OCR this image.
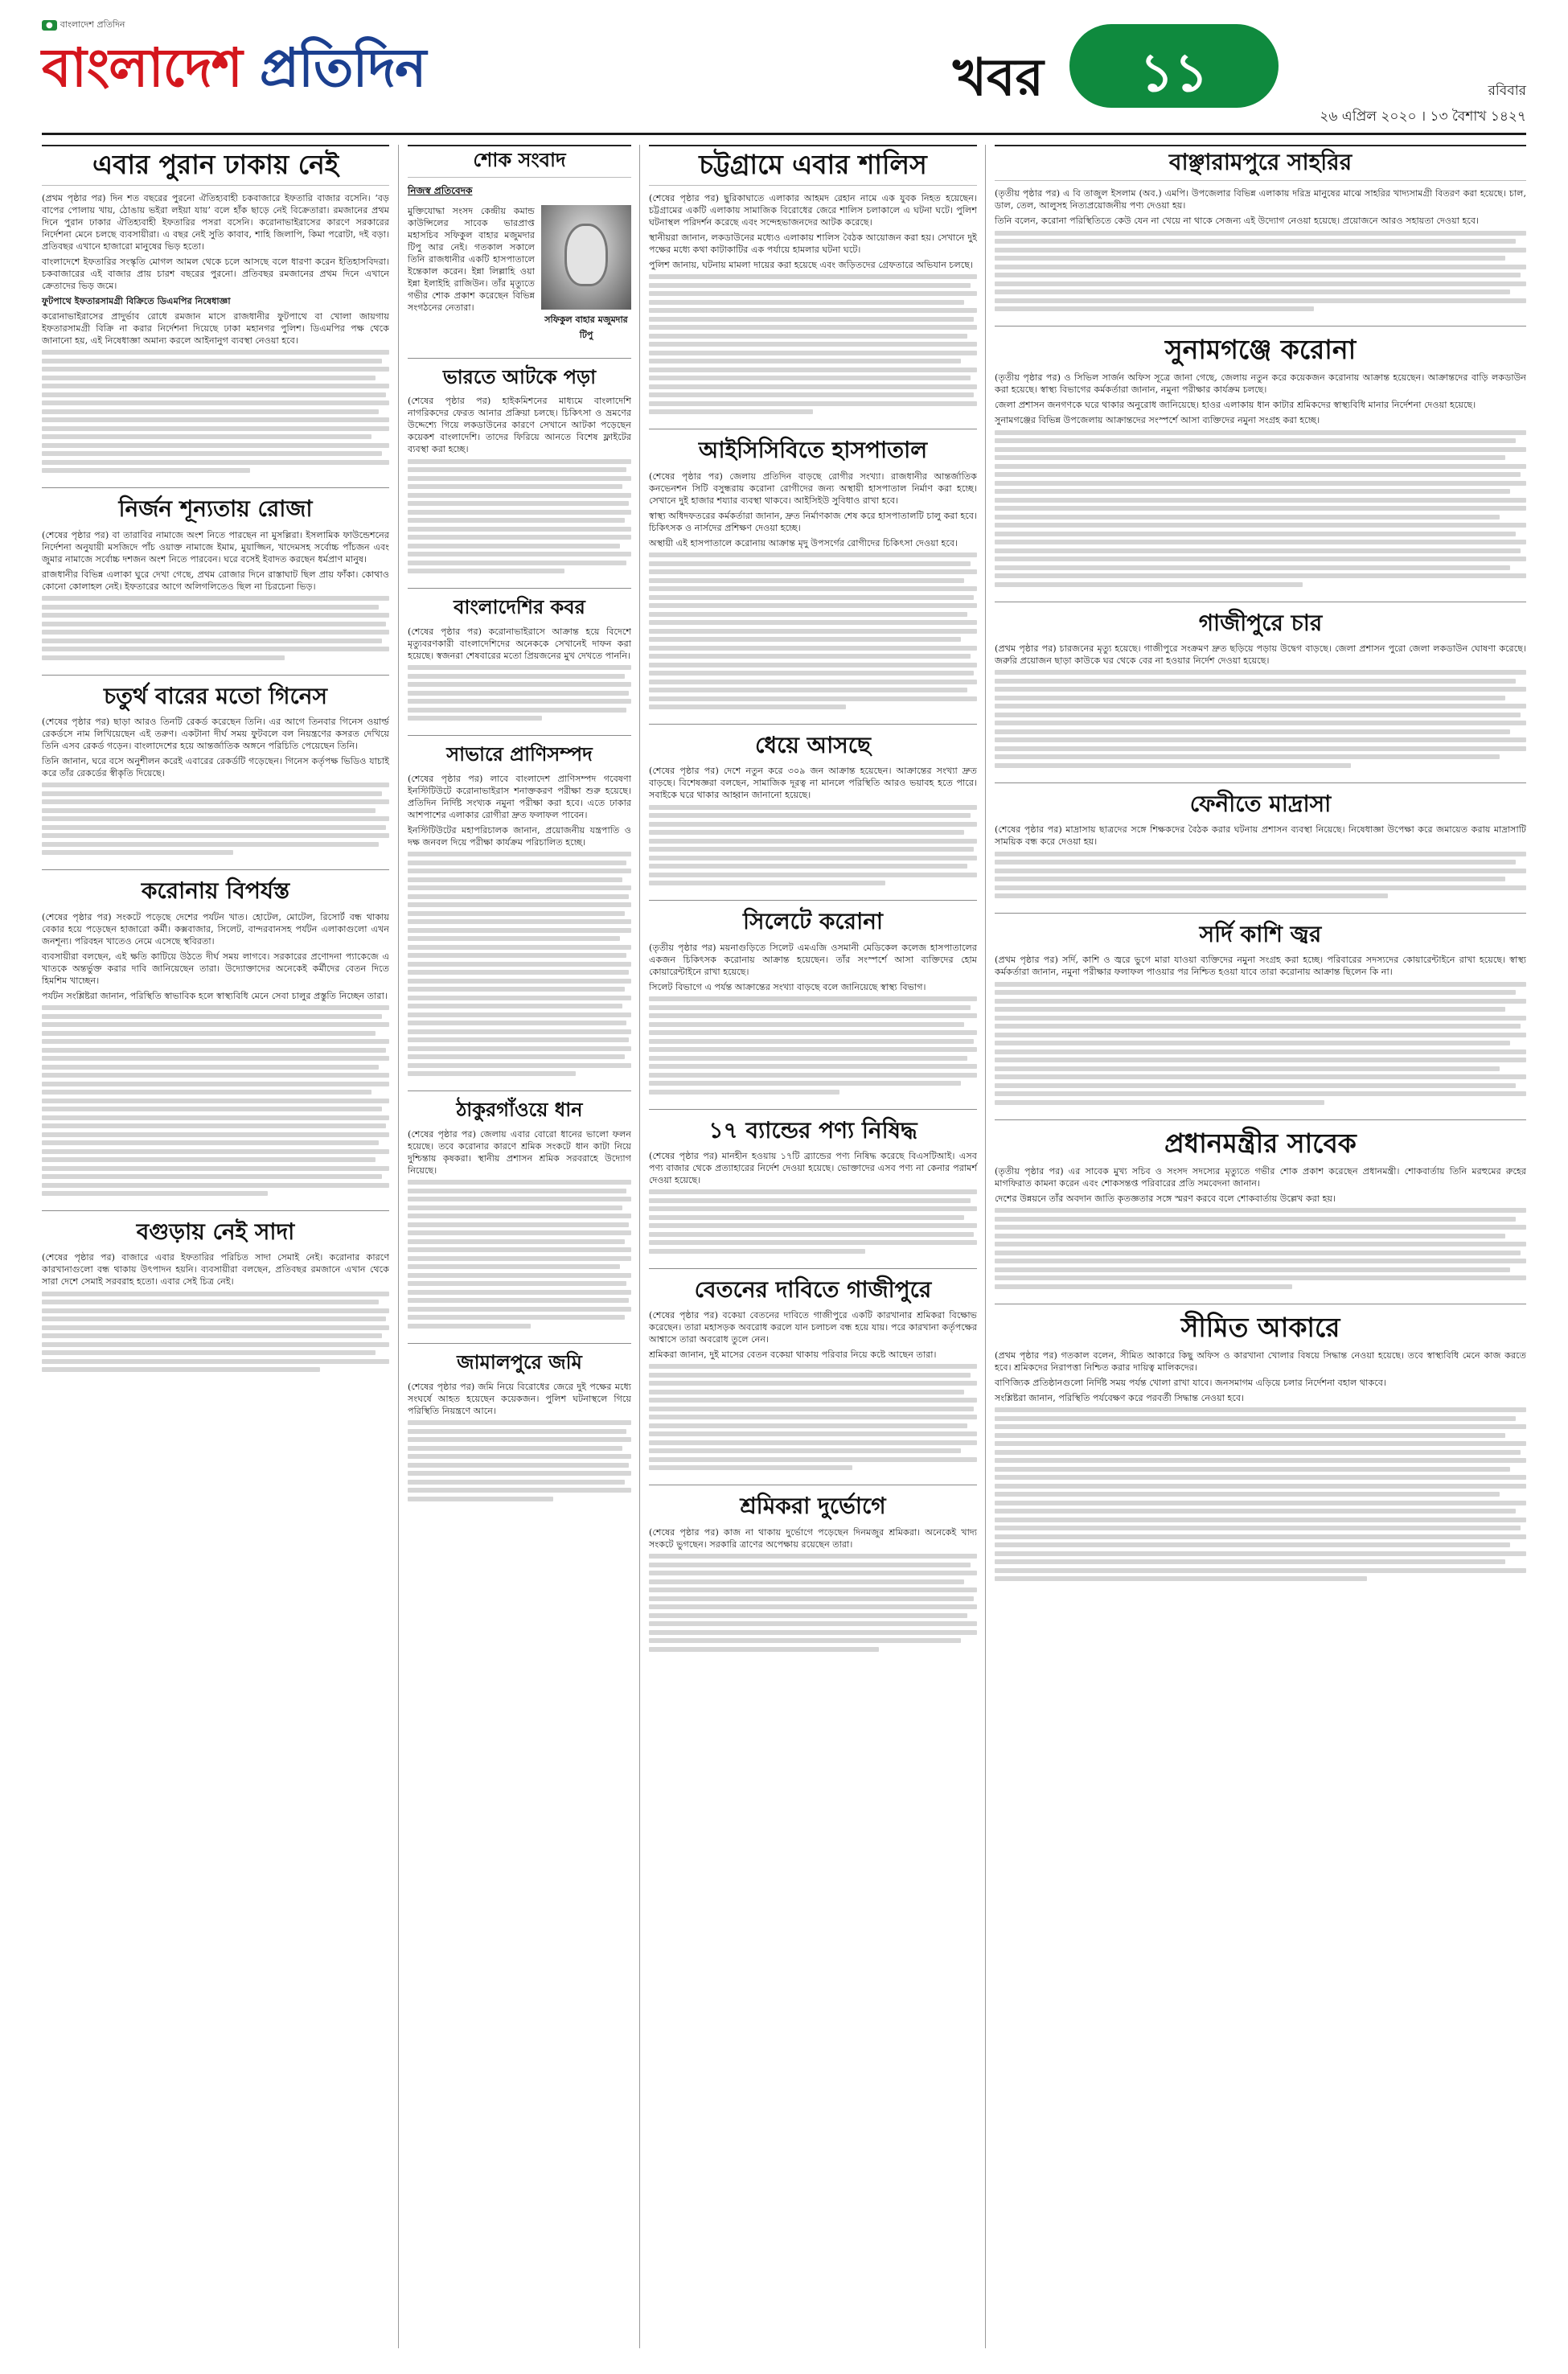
● বাংলাদেশ প্রতিদিন
বাংলাদেশ প্রতিদিন	খবর	১১	রবিবার
২৬ এপ্রিল ২০২০ । ১৩ বৈশাখ ১৪২৭
এবার পুরান ঢাকায় নেই

(প্রথম পৃষ্ঠার পর) দিন শত বছরের পুরনো ঐতিহ্যবাহী চকবাজারে ইফতারি বাজার বসেনি। ‘বড় বাপের পোলায় খায়, ঠোঙায় ভইরা লইয়া যায়’ বলে হাঁক ছাড়ে নেই বিক্রেতারা। রমজানের প্রথম দিনে পুরান ঢাকার ঐতিহ্যবাহী ইফতারির পসরা বসেনি। করোনাভাইরাসের কারণে সরকারের নির্দেশনা মেনে চলছে ব্যবসায়ীরা। এ বছর নেই সুতি কাবাব, শাহি জিলাপি, কিমা পরোটা, দই বড়া। প্রতিবছর এখানে হাজারো মানুষের ভিড় হতো।

বাংলাদেশে ইফতারির সংস্কৃতি মোগল আমল থেকে চলে আসছে বলে ধারণা করেন ইতিহাসবিদরা। চকবাজারের এই বাজার প্রায় চারশ বছরের পুরনো। প্রতিবছর রমজানের প্রথম দিনে এখানে ক্রেতাদের ভিড় জমে।

ফুটপাথে ইফতারসামগ্রী বিক্রিতে ডিএমপির নিষেধাজ্ঞা

করোনাভাইরাসের প্রাদুর্ভাব রোধে রমজান মাসে রাজধানীর ফুটপাথে বা খোলা জায়গায় ইফতারসামগ্রী বিক্রি না করার নির্দেশনা দিয়েছে ঢাকা মহানগর পুলিশ। ডিএমপির পক্ষ থেকে জানানো হয়, এই নিষেধাজ্ঞা অমান্য করলে আইনানুগ ব্যবস্থা নেওয়া হবে।

নির্জন শূন্যতায় রোজা

(শেষের পৃষ্ঠার পর) বা তারাবির নামাজে অংশ নিতে পারছেন না মুসল্লিরা। ইসলামিক ফাউন্ডেশনের নির্দেশনা অনুযায়ী মসজিদে পাঁচ ওয়াক্ত নামাজে ইমাম, মুয়াজ্জিন, খাদেমসহ সর্বোচ্চ পাঁচজন এবং জুমার নামাজে সর্বোচ্চ দশজন অংশ নিতে পারবেন। ঘরে বসেই ইবাদত করছেন ধর্মপ্রাণ মানুষ।

রাজধানীর বিভিন্ন এলাকা ঘুরে দেখা গেছে, প্রথম রোজার দিনে রাস্তাঘাট ছিল প্রায় ফাঁকা। কোথাও কোনো কোলাহল নেই। ইফতারের আগে অলিগলিতেও ছিল না চিরচেনা ভিড়।

চতুর্থ বারের মতো গিনেস

(শেষের পৃষ্ঠার পর) ছাড়া আরও তিনটি রেকর্ড করেছেন তিনি। এর আগে তিনবার গিনেস ওয়ার্ল্ড রেকর্ডসে নাম লিখিয়েছেন এই তরুণ। একটানা দীর্ঘ সময় ফুটবলে বল নিয়ন্ত্রণের কসরত দেখিয়ে তিনি এসব রেকর্ড গড়েন। বাংলাদেশের হয়ে আন্তর্জাতিক অঙ্গনে পরিচিতি পেয়েছেন তিনি।

তিনি জানান, ঘরে বসে অনুশীলন করেই এবারের রেকর্ডটি গড়েছেন। গিনেস কর্তৃপক্ষ ভিডিও যাচাই করে তাঁর রেকর্ডের স্বীকৃতি দিয়েছে।

করোনায় বিপর্যস্ত

(শেষের পৃষ্ঠার পর) সংকটে পড়েছে দেশের পর্যটন খাত। হোটেল, মোটেল, রিসোর্ট বন্ধ থাকায় বেকার হয়ে পড়েছেন হাজারো কর্মী। কক্সবাজার, সিলেট, বান্দরবানসহ পর্যটন এলাকাগুলো এখন জনশূন্য। পরিবহন খাতেও নেমে এসেছে স্থবিরতা।

ব্যবসায়ীরা বলছেন, এই ক্ষতি কাটিয়ে উঠতে দীর্ঘ সময় লাগবে। সরকারের প্রণোদনা প্যাকেজে এ খাতকে অন্তর্ভুক্ত করার দাবি জানিয়েছেন তারা। উদ্যোক্তাদের অনেকেই কর্মীদের বেতন দিতে হিমশিম খাচ্ছেন।

পর্যটন সংশ্লিষ্টরা জানান, পরিস্থিতি স্বাভাবিক হলে স্বাস্থ্যবিধি মেনে সেবা চালুর প্রস্তুতি নিচ্ছেন তারা।

বগুড়ায় নেই সাদা

(শেষের পৃষ্ঠার পর) বাজারে এবার ইফতারির পরিচিত সাদা সেমাই নেই। করোনার কারণে কারখানাগুলো বন্ধ থাকায় উৎপাদন হয়নি। ব্যবসায়ীরা বলছেন, প্রতিবছর রমজানে এখান থেকে সারা দেশে সেমাই সরবরাহ হতো। এবার সেই চিত্র নেই।

শোক সংবাদ
নিজস্ব প্রতিবেদক

মুক্তিযোদ্ধা সংসদ কেন্দ্রীয় কমান্ড কাউন্সিলের সাবেক ভারপ্রাপ্ত মহাসচিব সফিকুল বাহার মজুমদার টিপু আর নেই। গতকাল সকালে তিনি রাজধানীর একটি হাসপাতালে ইন্তেকাল করেন। ইন্না লিল্লাহি ওয়া ইন্না ইলাইহি রাজিউন। তাঁর মৃত্যুতে গভীর শোক প্রকাশ করেছেন বিভিন্ন সংগঠনের নেতারা।

সফিকুল বাহার মজুমদার টিপু
ভারতে আটকে পড়া

(শেষের পৃষ্ঠার পর) হাইকমিশনের মাধ্যমে বাংলাদেশি নাগরিকদের ফেরত আনার প্রক্রিয়া চলছে। চিকিৎসা ও ভ্রমণের উদ্দেশ্যে গিয়ে লকডাউনের কারণে সেখানে আটকা পড়েছেন কয়েকশ বাংলাদেশি। তাদের ফিরিয়ে আনতে বিশেষ ফ্লাইটের ব্যবস্থা করা হচ্ছে।

বাংলাদেশির কবর

(শেষের পৃষ্ঠার পর) করোনাভাইরাসে আক্রান্ত হয়ে বিদেশে মৃত্যুবরণকারী বাংলাদেশিদের অনেককে সেখানেই দাফন করা হয়েছে। স্বজনরা শেষবারের মতো প্রিয়জনের মুখ দেখতে পাননি।

সাভারে প্রাণিসম্পদ

(শেষের পৃষ্ঠার পর) লাবে বাংলাদেশ প্রাণিসম্পদ গবেষণা ইনস্টিটিউটে করোনাভাইরাস শনাক্তকরণ পরীক্ষা শুরু হয়েছে। প্রতিদিন নির্দিষ্ট সংখ্যক নমুনা পরীক্ষা করা হবে। এতে ঢাকার আশপাশের এলাকার রোগীরা দ্রুত ফলাফল পাবেন।

ইনস্টিটিউটের মহাপরিচালক জানান, প্রয়োজনীয় যন্ত্রপাতি ও দক্ষ জনবল দিয়ে পরীক্ষা কার্যক্রম পরিচালিত হচ্ছে।

ঠাকুরগাঁওয়ে ধান

(শেষের পৃষ্ঠার পর) জেলায় এবার বোরো ধানের ভালো ফলন হয়েছে। তবে করোনার কারণে শ্রমিক সংকটে ধান কাটা নিয়ে দুশ্চিন্তায় কৃষকরা। স্থানীয় প্রশাসন শ্রমিক সরবরাহে উদ্যোগ নিয়েছে।

জামালপুরে জমি

(শেষের পৃষ্ঠার পর) জমি নিয়ে বিরোধের জেরে দুই পক্ষের মধ্যে সংঘর্ষে আহত হয়েছেন কয়েকজন। পুলিশ ঘটনাস্থলে গিয়ে পরিস্থিতি নিয়ন্ত্রণে আনে।

চট্টগ্রামে এবার শালিস

(শেষের পৃষ্ঠার পর) ছুরিকাঘাতে এলাকার আহমদ রেহান নামে এক যুবক নিহত হয়েছেন। চট্টগ্রামের একটি এলাকায় সামাজিক বিরোধের জেরে শালিস চলাকালে এ ঘটনা ঘটে। পুলিশ ঘটনাস্থল পরিদর্শন করেছে এবং সন্দেহভাজনদের আটক করেছে।

স্থানীয়রা জানান, লকডাউনের মধ্যেও এলাকায় শালিস বৈঠক আয়োজন করা হয়। সেখানে দুই পক্ষের মধ্যে কথা কাটাকাটির এক পর্যায়ে হামলার ঘটনা ঘটে।

পুলিশ জানায়, ঘটনায় মামলা দায়ের করা হয়েছে এবং জড়িতদের গ্রেফতারে অভিযান চলছে।

আইসিসিবিতে হাসপাতাল

(শেষের পৃষ্ঠার পর) জেলায় প্রতিদিন বাড়ছে রোগীর সংখ্যা। রাজধানীর আন্তর্জাতিক কনভেনশন সিটি বসুন্ধরায় করোনা রোগীদের জন্য অস্থায়ী হাসপাতাল নির্মাণ করা হচ্ছে। সেখানে দুই হাজার শয্যার ব্যবস্থা থাকবে। আইসিইউ সুবিধাও রাখা হবে।

স্বাস্থ্য অধিদফতরের কর্মকর্তারা জানান, দ্রুত নির্মাণকাজ শেষ করে হাসপাতালটি চালু করা হবে। চিকিৎসক ও নার্সদের প্রশিক্ষণ দেওয়া হচ্ছে।

অস্থায়ী এই হাসপাতালে করোনায় আক্রান্ত মৃদু উপসর্গের রোগীদের চিকিৎসা দেওয়া হবে।

ধেয়ে আসছে

(শেষের পৃষ্ঠার পর) দেশে নতুন করে ৩০৯ জন আক্রান্ত হয়েছেন। আক্রান্তের সংখ্যা দ্রুত বাড়ছে। বিশেষজ্ঞরা বলছেন, সামাজিক দূরত্ব না মানলে পরিস্থিতি আরও ভয়াবহ হতে পারে। সবাইকে ঘরে থাকার আহ্বান জানানো হয়েছে।

সিলেটে করোনা

(তৃতীয় পৃষ্ঠার পর) ময়নাগুড়িতে সিলেট এমএজি ওসমানী মেডিকেল কলেজ হাসপাতালের একজন চিকিৎসক করোনায় আক্রান্ত হয়েছেন। তাঁর সংস্পর্শে আসা ব্যক্তিদের হোম কোয়ারেন্টাইনে রাখা হয়েছে।

সিলেট বিভাগে এ পর্যন্ত আক্রান্তের সংখ্যা বাড়ছে বলে জানিয়েছে স্বাস্থ্য বিভাগ।

১৭ ব্যান্ডের পণ্য নিষিদ্ধ

(শেষের পৃষ্ঠার পর) মানহীন হওয়ায় ১৭টি ব্র্যান্ডের পণ্য নিষিদ্ধ করেছে বিএসটিআই। এসব পণ্য বাজার থেকে প্রত্যাহারের নির্দেশ দেওয়া হয়েছে। ভোক্তাদের এসব পণ্য না কেনার পরামর্শ দেওয়া হয়েছে।

বেতনের দাবিতে গাজীপুরে

(শেষের পৃষ্ঠার পর) বকেয়া বেতনের দাবিতে গাজীপুরে একটি কারখানার শ্রমিকরা বিক্ষোভ করেছেন। তারা মহাসড়ক অবরোধ করলে যান চলাচল বন্ধ হয়ে যায়। পরে কারখানা কর্তৃপক্ষের আশ্বাসে তারা অবরোধ তুলে নেন।

শ্রমিকরা জানান, দুই মাসের বেতন বকেয়া থাকায় পরিবার নিয়ে কষ্টে আছেন তারা।

শ্রমিকরা দুর্ভোগে

(শেষের পৃষ্ঠার পর) কাজ না থাকায় দুর্ভোগে পড়েছেন দিনমজুর শ্রমিকরা। অনেকেই খাদ্য সংকটে ভুগছেন। সরকারি ত্রাণের অপেক্ষায় রয়েছেন তারা।

বাঞ্ছারামপুরে সাহরির

(তৃতীয় পৃষ্ঠার পর) এ বি তাজুল ইসলাম (অব.) এমপি। উপজেলার বিভিন্ন এলাকায় দরিদ্র মানুষের মাঝে সাহরির খাদ্যসামগ্রী বিতরণ করা হয়েছে। চাল, ডাল, তেল, আলুসহ নিত্যপ্রয়োজনীয় পণ্য দেওয়া হয়।

তিনি বলেন, করোনা পরিস্থিতিতে কেউ যেন না খেয়ে না থাকে সেজন্য এই উদ্যোগ নেওয়া হয়েছে। প্রয়োজনে আরও সহায়তা দেওয়া হবে।

সুনামগঞ্জে করোনা

(তৃতীয় পৃষ্ঠার পর) ও সিভিল সার্জন অফিস সূত্রে জানা গেছে, জেলায় নতুন করে কয়েকজন করোনায় আক্রান্ত হয়েছেন। আক্রান্তদের বাড়ি লকডাউন করা হয়েছে। স্বাস্থ্য বিভাগের কর্মকর্তারা জানান, নমুনা পরীক্ষার কার্যক্রম চলছে।

জেলা প্রশাসন জনগণকে ঘরে থাকার অনুরোধ জানিয়েছে। হাওর এলাকায় ধান কাটার শ্রমিকদের স্বাস্থ্যবিধি মানার নির্দেশনা দেওয়া হয়েছে।

সুনামগঞ্জের বিভিন্ন উপজেলায় আক্রান্তদের সংস্পর্শে আসা ব্যক্তিদের নমুনা সংগ্রহ করা হচ্ছে।

গাজীপুরে চার

(প্রথম পৃষ্ঠার পর) চারজনের মৃত্যু হয়েছে। গাজীপুরে সংক্রমণ দ্রুত ছড়িয়ে পড়ায় উদ্বেগ বাড়ছে। জেলা প্রশাসন পুরো জেলা লকডাউন ঘোষণা করেছে। জরুরি প্রয়োজন ছাড়া কাউকে ঘর থেকে বের না হওয়ার নির্দেশ দেওয়া হয়েছে।

ফেনীতে মাদ্রাসা

(শেষের পৃষ্ঠার পর) মাদ্রাসায় ছাত্রদের সঙ্গে শিক্ষকদের বৈঠক করার ঘটনায় প্রশাসন ব্যবস্থা নিয়েছে। নিষেধাজ্ঞা উপেক্ষা করে জমায়েত করায় মাদ্রাসাটি সাময়িক বন্ধ করে দেওয়া হয়।

সর্দি কাশি জ্বর

(প্রথম পৃষ্ঠার পর) সর্দি, কাশি ও জ্বরে ভুগে মারা যাওয়া ব্যক্তিদের নমুনা সংগ্রহ করা হচ্ছে। পরিবারের সদস্যদের কোয়ারেন্টাইনে রাখা হয়েছে। স্বাস্থ্য কর্মকর্তারা জানান, নমুনা পরীক্ষার ফলাফল পাওয়ার পর নিশ্চিত হওয়া যাবে তারা করোনায় আক্রান্ত ছিলেন কি না।

প্রধানমন্ত্রীর সাবেক

(তৃতীয় পৃষ্ঠার পর) এর সাবেক মুখ্য সচিব ও সংসদ সদস্যের মৃত্যুতে গভীর শোক প্রকাশ করেছেন প্রধানমন্ত্রী। শোকবার্তায় তিনি মরহুমের রুহের মাগফিরাত কামনা করেন এবং শোকসন্তপ্ত পরিবারের প্রতি সমবেদনা জানান।

দেশের উন্নয়নে তাঁর অবদান জাতি কৃতজ্ঞতার সঙ্গে স্মরণ করবে বলে শোকবার্তায় উল্লেখ করা হয়।

সীমিত আকারে

(প্রথম পৃষ্ঠার পর) গতকাল বলেন, সীমিত আকারে কিছু অফিস ও কারখানা খোলার বিষয়ে সিদ্ধান্ত নেওয়া হয়েছে। তবে স্বাস্থ্যবিধি মেনে কাজ করতে হবে। শ্রমিকদের নিরাপত্তা নিশ্চিত করার দায়িত্ব মালিকদের।

বাণিজ্যিক প্রতিষ্ঠানগুলো নির্দিষ্ট সময় পর্যন্ত খোলা রাখা যাবে। জনসমাগম এড়িয়ে চলার নির্দেশনা বহাল থাকবে।

সংশ্লিষ্টরা জানান, পরিস্থিতি পর্যবেক্ষণ করে পরবর্তী সিদ্ধান্ত নেওয়া হবে।
